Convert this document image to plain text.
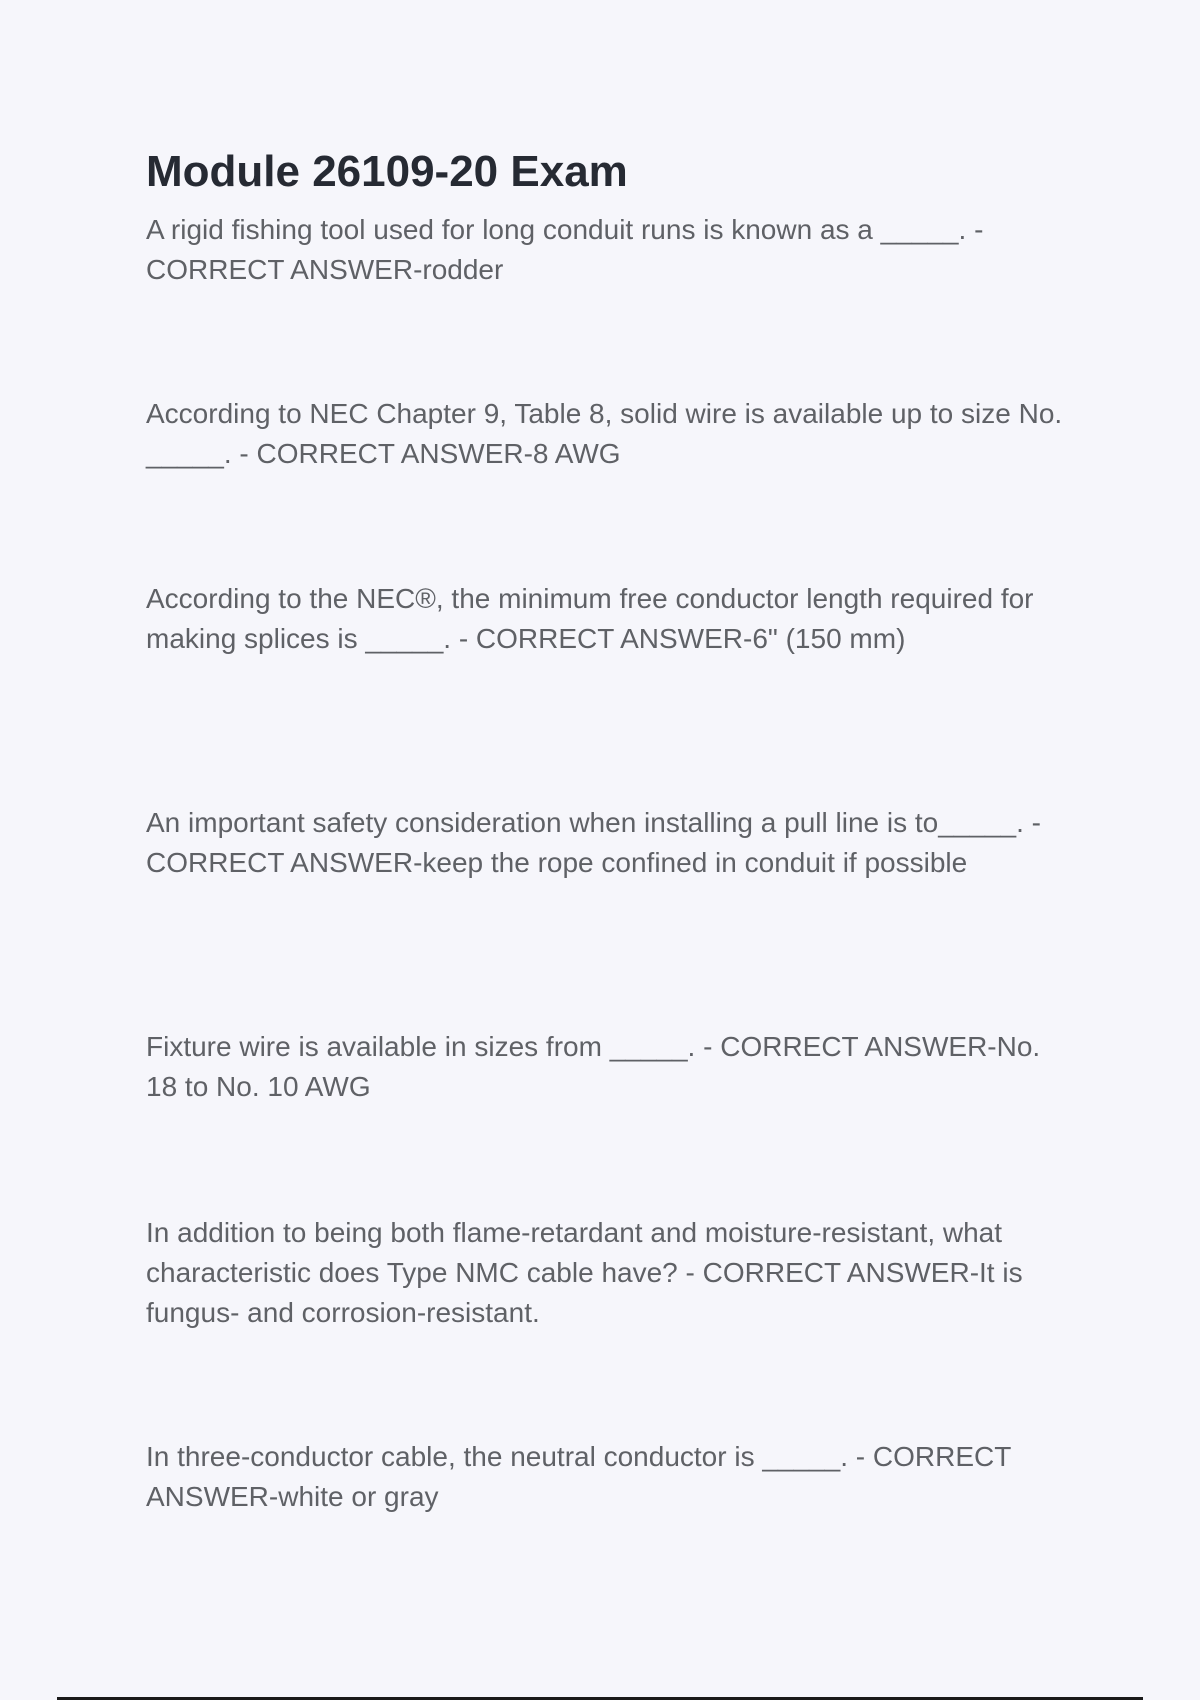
Module 26109-20 Exam

A rigid fishing tool used for long conduit runs is known as a _____. - CORRECT ANSWER-rodder

According to NEC Chapter 9, Table 8, solid wire is available up to size No. _____. - CORRECT ANSWER-8 AWG

According to the NEC®, the minimum free conductor length required for making splices is _____. - CORRECT ANSWER-6" (150 mm)

An important safety consideration when installing a pull line is to_____. - CORRECT ANSWER-keep the rope confined in conduit if possible

Fixture wire is available in sizes from _____. - CORRECT ANSWER-No. 18 to No. 10 AWG

In addition to being both flame-retardant and moisture-resistant, what characteristic does Type NMC cable have? - CORRECT ANSWER-It is fungus- and corrosion-resistant.

In three-conductor cable, the neutral conductor is _____. - CORRECT ANSWER-white or gray
